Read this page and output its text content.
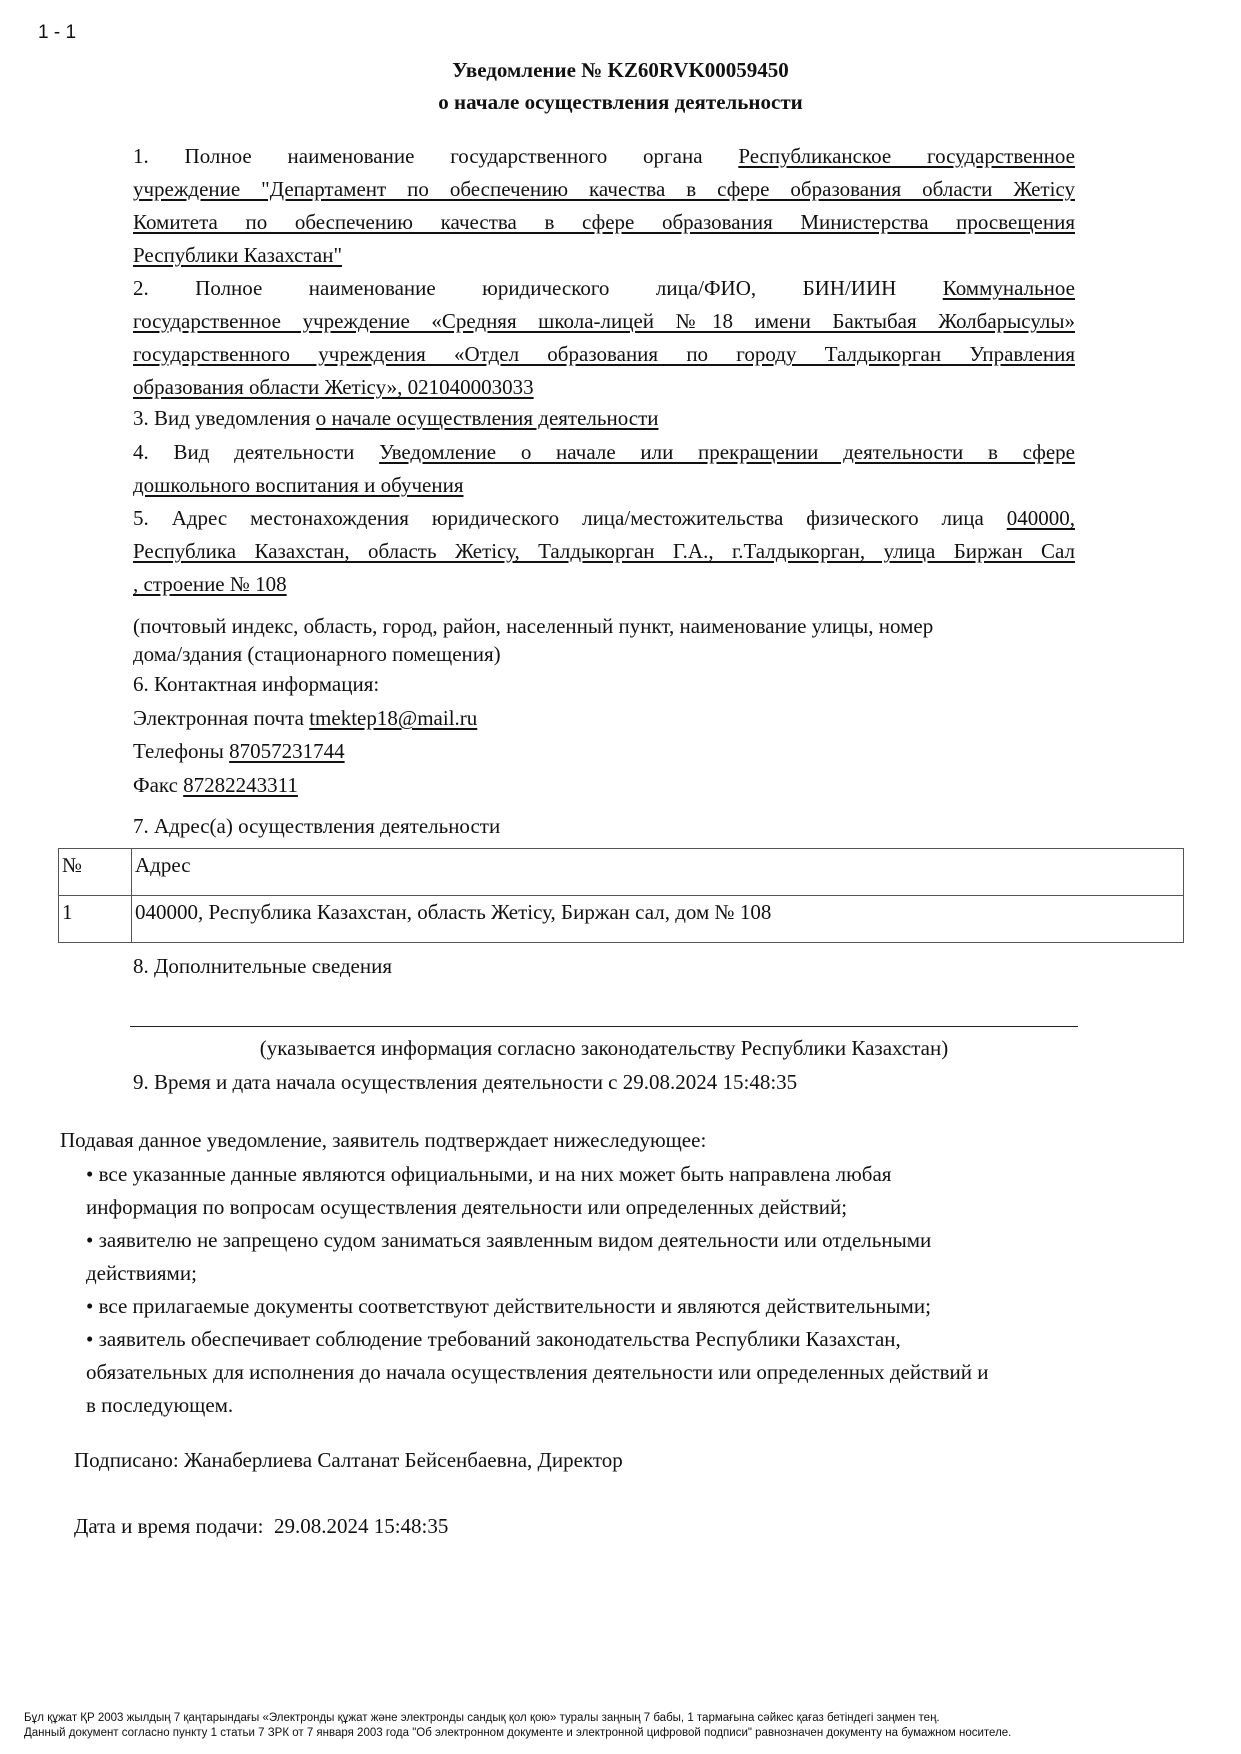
1 - 1
Уведомление № KZ60RVK00059450
о начале осуществления деятельности
1. Полное наименование государственного органа Республиканское государственное
учреждение "Департамент по обеспечению качества в сфере образования области Жетісу
Комитета по обеспечению качества в сфере образования Министерства просвещения
Республики Казахстан"
2. Полное наименование юридического лица/ФИО, БИН/ИИН Коммунальное
государственное учреждение «Средняя школа-лицей №18 имени Бактыбая Жолбарысулы»
государственного учреждения «Отдел образования по городу Талдыкорган Управления
образования области Жетісу», 021040003033
3. Вид уведомления о начале осуществления деятельности
4. Вид деятельности Уведомление о начале или прекращении деятельности в сфере
дошкольного воспитания и обучения
5. Адрес местонахождения юридического лица/местожительства физического лица 040000,
Республика Казахстан, область Жетісу, Талдыкорган Г.А., г.Талдыкорган, улица Биржан Сал
, строение № 108
(почтовый индекс, область, город, район, населенный пункт, наименование улицы, номер
дома/здания (стационарного помещения)
6. Контактная информация:
Электронная почта tmektep18@mail.ru
Телефоны 87057231744
Факс 87282243311
7. Адрес(а) осуществления деятельности
№	Адрес
1	040000, Республика Казахстан, область Жетісу, Биржан сал, дом № 108
8. Дополнительные сведения
(указывается информация согласно законодательству Республики Казахстан)
9. Время и дата начала осуществления деятельности с 29.08.2024 15:48:35
Подавая данное уведомление, заявитель подтверждает нижеследующее:
• все указанные данные являются официальными, и на них может быть направлена любая
информация по вопросам осуществления деятельности или определенных действий;
• заявителю не запрещено судом заниматься заявленным видом деятельности или отдельными
действиями;
• все прилагаемые документы соответствуют действительности и являются действительными;
• заявитель обеспечивает соблюдение требований законодательства Республики Казахстан,
обязательных для исполнения до начала осуществления деятельности или определенных действий и
в последующем.
Подписано: Жанаберлиева Салтанат Бейсенбаевна, Директор
Дата и время подачи: 29.08.2024 15:48:35
Бұл құжат ҚР 2003 жылдың 7 қаңтарындағы «Электронды құжат және электронды сандық қол қою» туралы заңның 7 бабы, 1 тармағына сәйкес қағаз бетіндегі заңмен тең.
Данный документ согласно пункту 1 статьи 7 ЗРК от 7 января 2003 года "Об электронном документе и электронной цифровой подписи" равнозначен документу на бумажном носителе.
